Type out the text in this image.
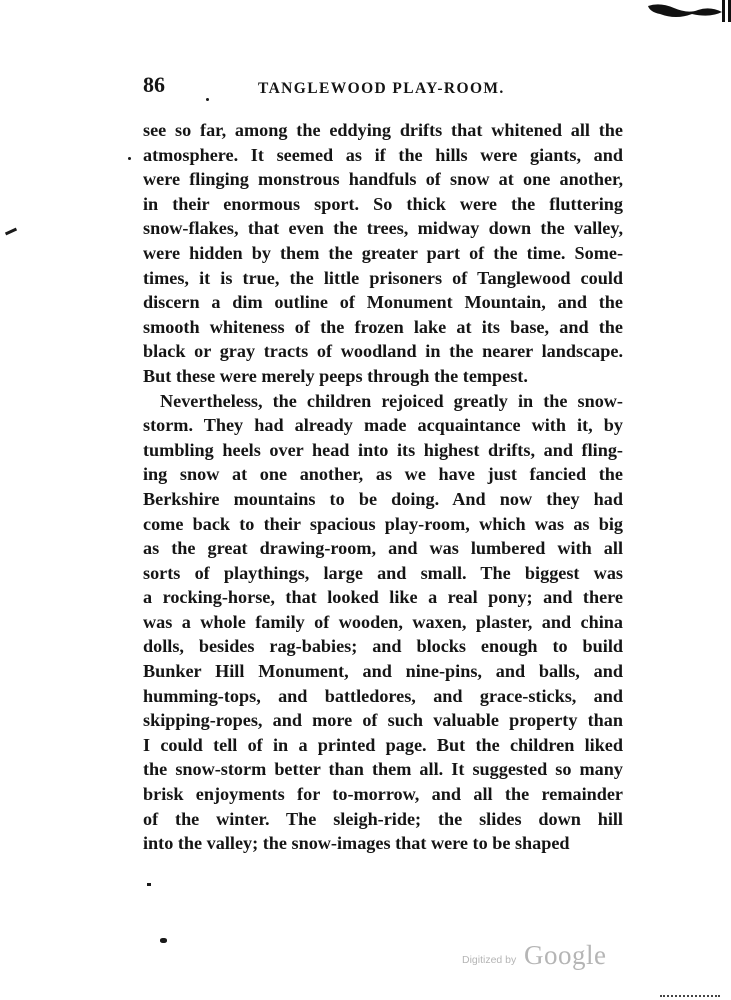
86	TANGLEWOOD PLAY-ROOM.
see so far, among the eddying drifts that whitened all the
atmosphere. It seemed as if the hills were giants, and
were flinging monstrous handfuls of snow at one another,
in their enormous sport. So thick were the fluttering
snow-flakes, that even the trees, midway down the valley,
were hidden by them the greater part of the time. Some-
times, it is true, the little prisoners of Tanglewood could
discern a dim outline of Monument Mountain, and the
smooth whiteness of the frozen lake at its base, and the
black or gray tracts of woodland in the nearer landscape.
But these were merely peeps through the tempest.
Nevertheless, the children rejoiced greatly in the snow-
storm. They had already made acquaintance with it, by
tumbling heels over head into its highest drifts, and fling-
ing snow at one another, as we have just fancied the
Berkshire mountains to be doing. And now they had
come back to their spacious play-room, which was as big
as the great drawing-room, and was lumbered with all
sorts of playthings, large and small. The biggest was
a rocking-horse, that looked like a real pony; and there
was a whole family of wooden, waxen, plaster, and china
dolls, besides rag-babies; and blocks enough to build
Bunker Hill Monument, and nine-pins, and balls, and
humming-tops, and battledores, and grace-sticks, and
skipping-ropes, and more of such valuable property than
I could tell of in a printed page. But the children liked
the snow-storm better than them all. It suggested so many
brisk enjoyments for to-morrow, and all the remainder
of the winter. The sleigh-ride; the slides down hill
into the valley; the snow-images that were to be shaped
Digitized by Google
